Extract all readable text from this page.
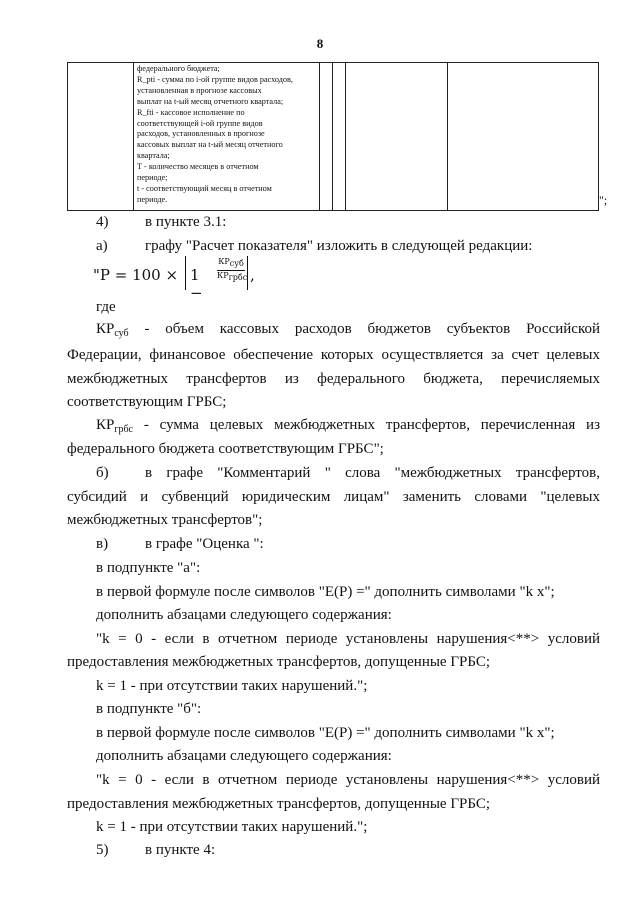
8
федерального бюджета;
R_pti - сумма по i-ой группе видов расходов,
установленная в прогнозе кассовых
выплат на t-ый месяц отчетного квартала;
R_fti - кассовое исполнение по
соответствующей i-ой группе видов
расходов, установленных в прогнозе
кассовых выплат на t-ый месяц отчетного
квартала;
Т - количество месяцев в отчетном
периоде;
t - соответствующий месяц в отчетном
периоде.	";
4) в пункте 3.1:
а) графу "Расчет показателя" изложить в следующей редакции:
"P = 100 × 1 −
КРсуб
КРгрбс ,
где
$КР_{суб}$ - объем кассовых расходов бюджетов субъектов Российской
Федерации, финансовое обеспечение которых осуществляется за счет целевых
межбюджетных трансфертов из федерального бюджета, перечисляемых
соответствующим ГРБС;
$КР_{грбс}$ - сумма целевых межбюджетных трансфертов, перечисленная из
федерального бюджета соответствующим ГРБС";
б) в графе "Комментарий " слова "межбюджетных трансфертов,
субсидий и субвенций юридическим лицам" заменить словами "целевых
межбюджетных трансфертов";
в) в графе "Оценка ":
в подпункте "а":
в первой формуле после символов "Е(Р) =" дополнить символами "k x";
дополнить абзацами следующего содержания:
"k = 0 - если в отчетном периоде установлены нарушения<**> условий
предоставления межбюджетных трансфертов, допущенные ГРБС;
k = 1 - при отсутствии таких нарушений.";
в подпункте "б":
в первой формуле после символов "Е(Р) =" дополнить символами "k x";
дополнить абзацами следующего содержания:
"k = 0 - если в отчетном периоде установлены нарушения<**> условий
предоставления межбюджетных трансфертов, допущенные ГРБС;
k = 1 - при отсутствии таких нарушений.";
5) в пункте 4:
